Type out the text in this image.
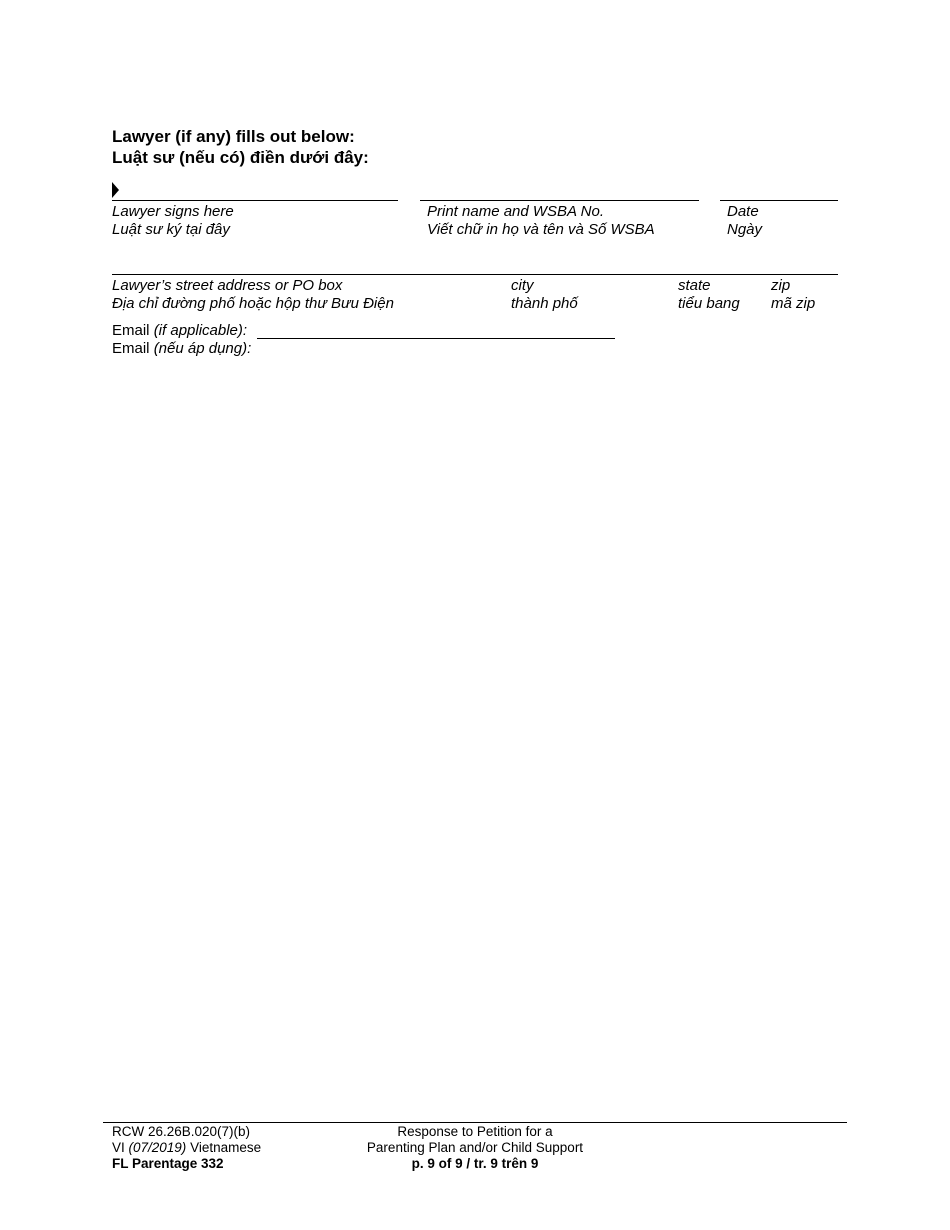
Lawyer (if any) fills out below:
Luật sư (nếu có) điền dưới đây:
Lawyer signs here
Luật sư ký tại đây
Print name and WSBA No.
Viết chữ in họ và tên và Số WSBA
Date
Ngày
Lawyer’s street address or PO box
Địa chỉ đường phố hoặc hộp thư Bưu Điện
city
thành phố
state
tiểu bang
zip
mã zip
Email (if applicable):
Email (nếu áp dụng):
RCW 26.26B.020(7)(b)
VI (07/2019) Vietnamese
FL Parentage 332
Response to Petition for a
Parenting Plan and/or Child Support
p. 9 of 9 / tr. 9 trên 9
